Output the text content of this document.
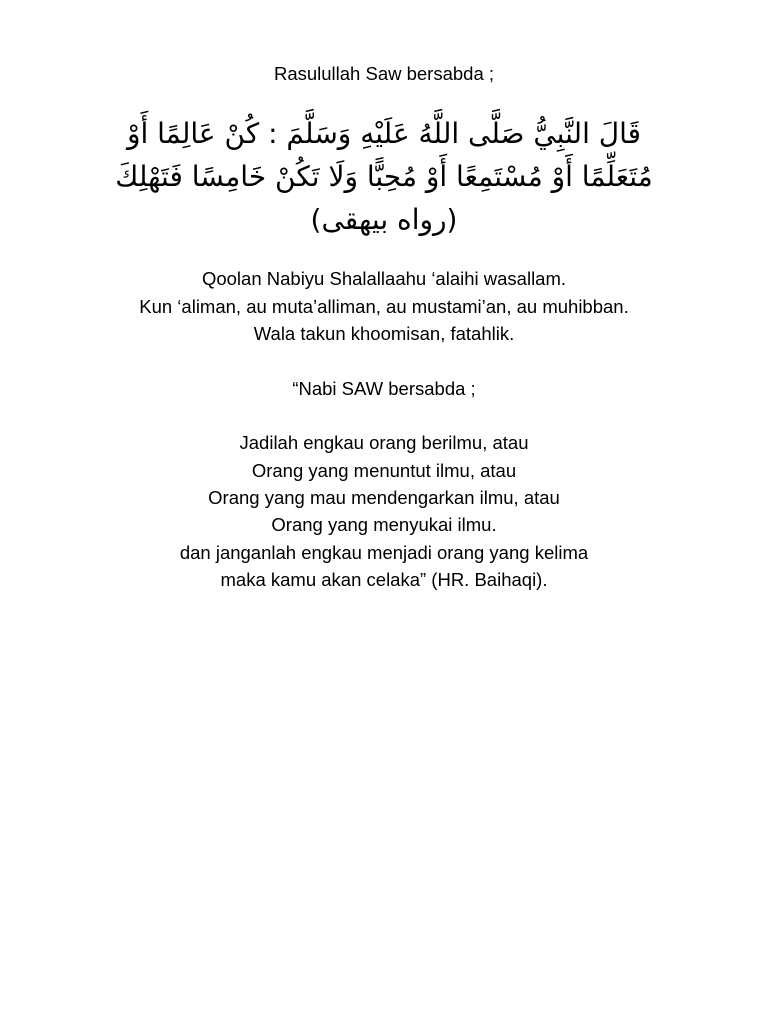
Rasulullah Saw bersabda ;
قَالَ النَّبِيُّ صَلَّى اللَّهُ عَلَيْهِ وَسَلَّمَ : كُنْ عَالِمًا أَوْ
مُتَعَلِّمًا أَوْ مُسْتَمِعًا أَوْ مُحِبًّا وَلَا تَكُنْ خَامِسًا فَتَهْلِكَ
(رواه بيهقى)
Qoolan Nabiyu Shalallaahu ‘alaihi wasallam.
Kun ‘aliman, au muta’alliman, au mustami’an, au muhibban.
Wala takun khoomisan, fatahlik.
“Nabi SAW bersabda ;
Jadilah engkau orang berilmu, atau
Orang yang menuntut ilmu, atau
Orang yang mau mendengarkan ilmu, atau
Orang yang menyukai ilmu.
dan janganlah engkau menjadi orang yang kelima
maka kamu akan celaka” (HR. Baihaqi).
